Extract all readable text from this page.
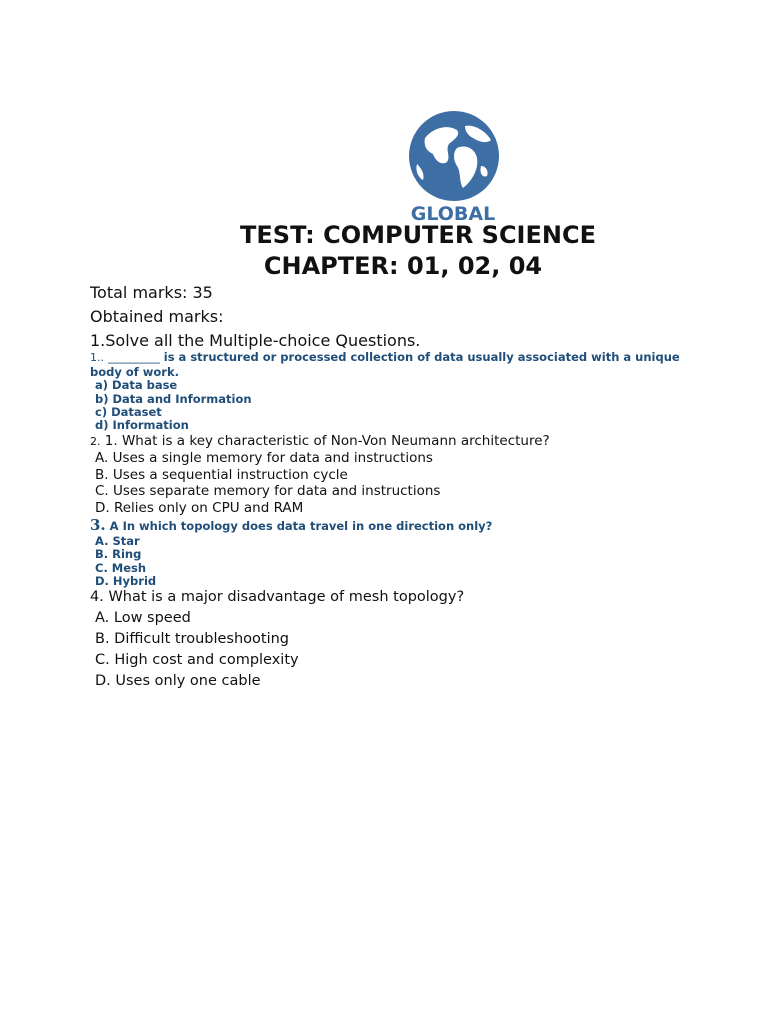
GLOBAL
TEST: COMPUTER SCIENCE
CHAPTER: 01, 02, 04
Total marks: 35
Obtained marks:
1.Solve all the Multiple-choice Questions.
1.. _________ is a structured or processed collection of data usually associated with a unique body of work.
a) Data base
b) Data and Information
c) Dataset
d) Information
2. 1. What is a key characteristic of Non-Von Neumann architecture?
A. Uses a single memory for data and instructions
B. Uses a sequential instruction cycle
C. Uses separate memory for data and instructions
D. Relies only on CPU and RAM
3. A In which topology does data travel in one direction only?
A. Star
B. Ring
C. Mesh
D. Hybrid
4. What is a major disadvantage of mesh topology?
A. Low speed
B. Difficult troubleshooting
C. High cost and complexity
D. Uses only one cable
